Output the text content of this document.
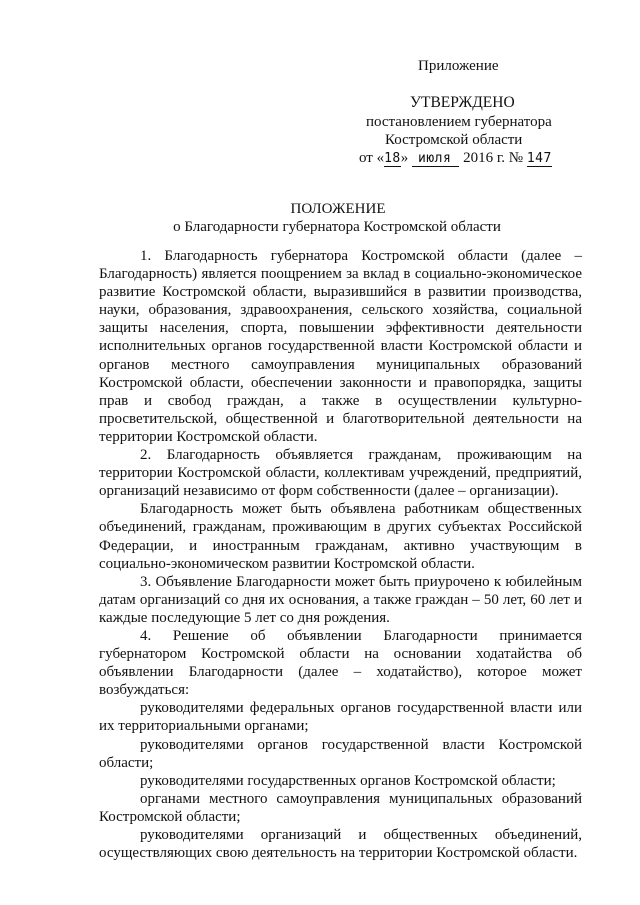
Приложение
УТВЕРЖДЕНО
постановлением губернатора
Костромской области
от «18» июля 2016 г. № 147
ПОЛОЖЕНИЕ
о Благодарности губернатора Костромской области

1. Благодарность губернатора Костромской области (далее – Благодарность) является поощрением за вклад в социально-экономическое развитие Костромской области, выразившийся в развитии производства, науки, образования, здравоохранения, сельского хозяйства, социальной защиты населения, спорта, повышении эффективности деятельности исполнительных органов государственной власти Костромской области и органов местного самоуправления муниципальных образований Костромской области, обеспечении законности и правопорядка, защиты прав и свобод граждан, а также в осуществлении культурно-просветительской, общественной и благотворительной деятельности на территории Костромской области.

2. Благодарность объявляется гражданам, проживающим на территории Костромской области, коллективам учреждений, предприятий, организаций независимо от форм собственности (далее – организации).

Благодарность может быть объявлена работникам общественных объединений, гражданам, проживающим в других субъектах Российской Федерации, и иностранным гражданам, активно участвующим в социально-экономическом развитии Костромской области.

3. Объявление Благодарности может быть приурочено к юбилейным датам организаций со дня их основания, а также граждан – 50 лет, 60 лет и каждые последующие 5 лет со дня рождения.

4. Решение об объявлении Благодарности принимается губернатором Костромской области на основании ходатайства об объявлении Благодарности (далее – ходатайство), которое может возбуждаться:

руководителями федеральных органов государственной власти или их территориальными органами;

руководителями органов государственной власти Костромской области;

руководителями государственных органов Костромской области;

органами местного самоуправления муниципальных образований Костромской области;

руководителями организаций и общественных объединений, осуществляющих свою деятельность на территории Костромской области.
